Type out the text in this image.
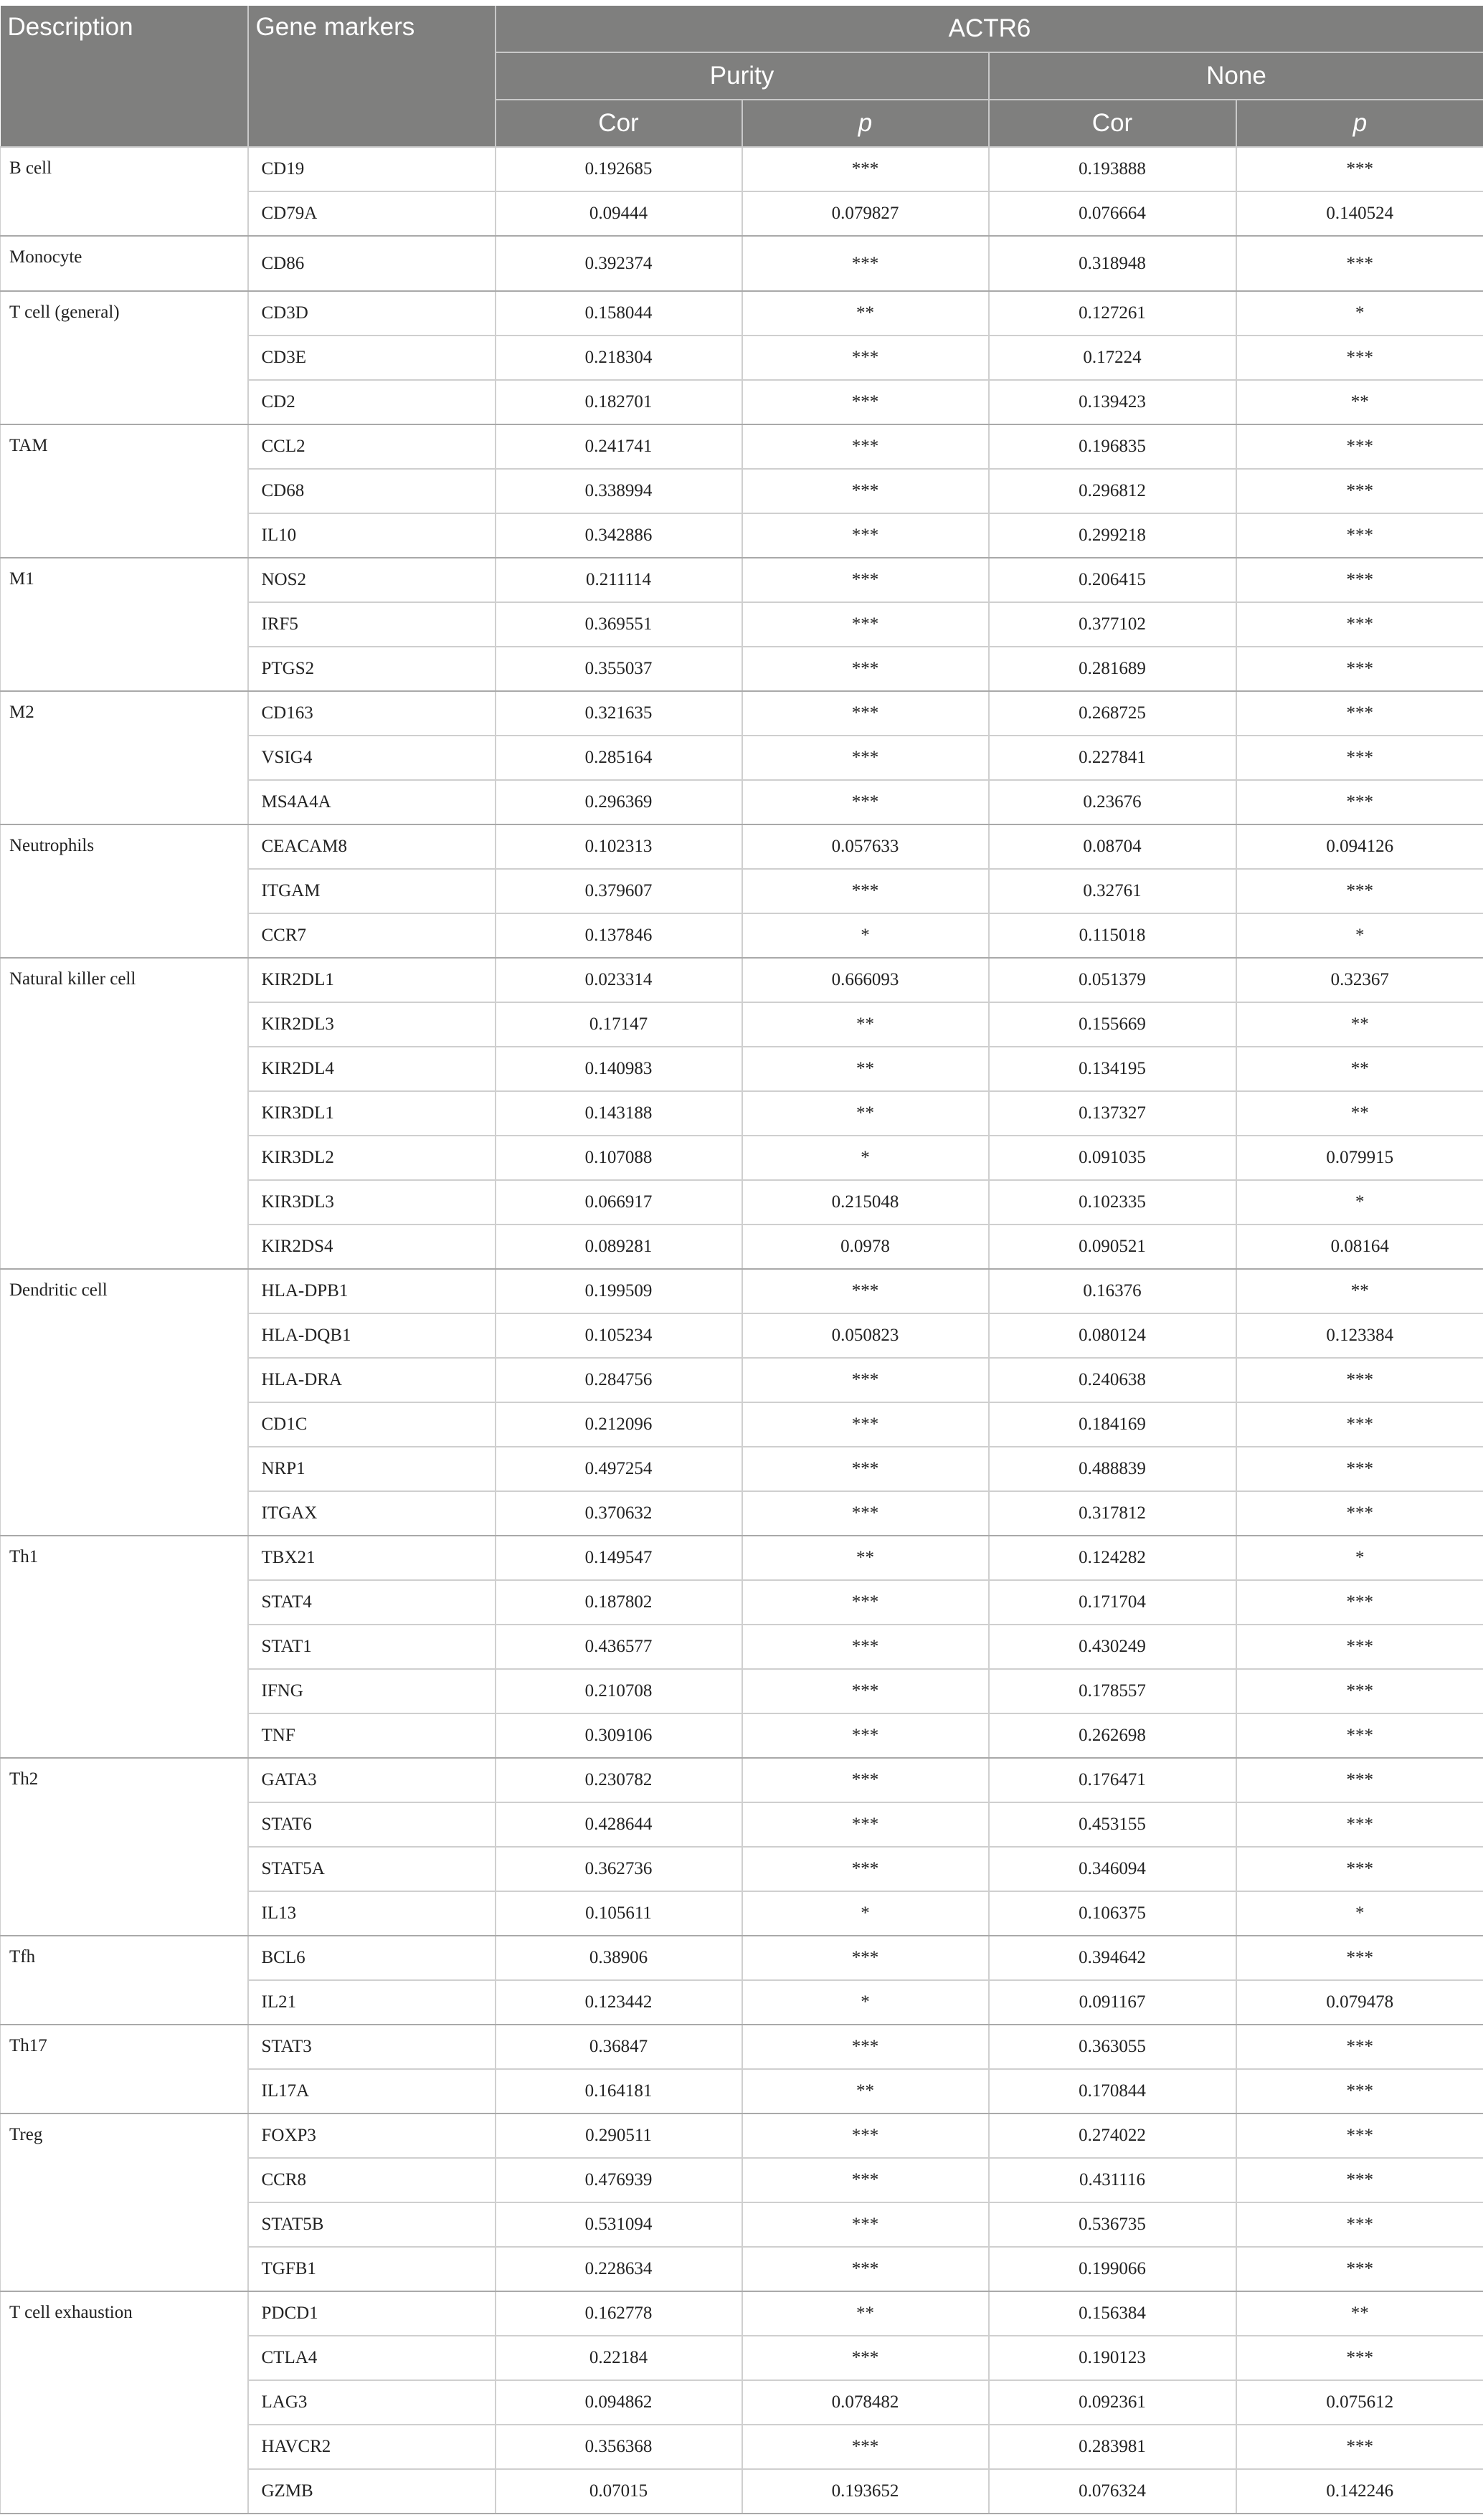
Description	Gene markers	ACTR6			
		Purity		None	
		Cor	p	Cor	p
B cell	CD19	0.192685	***	0.193888	***
	CD79A	0.09444	0.079827	0.076664	0.140524
Monocyte	CD86	0.392374	***	0.318948	***
T cell (general)	CD3D	0.158044	**	0.127261	*
	CD3E	0.218304	***	0.17224	***
	CD2	0.182701	***	0.139423	**
TAM	CCL2	0.241741	***	0.196835	***
	CD68	0.338994	***	0.296812	***
	IL10	0.342886	***	0.299218	***
M1	NOS2	0.211114	***	0.206415	***
	IRF5	0.369551	***	0.377102	***
	PTGS2	0.355037	***	0.281689	***
M2	CD163	0.321635	***	0.268725	***
	VSIG4	0.285164	***	0.227841	***
	MS4A4A	0.296369	***	0.23676	***
Neutrophils	CEACAM8	0.102313	0.057633	0.08704	0.094126
	ITGAM	0.379607	***	0.32761	***
	CCR7	0.137846	*	0.115018	*
Natural killer cell	KIR2DL1	0.023314	0.666093	0.051379	0.32367
	KIR2DL3	0.17147	**	0.155669	**
	KIR2DL4	0.140983	**	0.134195	**
	KIR3DL1	0.143188	**	0.137327	**
	KIR3DL2	0.107088	*	0.091035	0.079915
	KIR3DL3	0.066917	0.215048	0.102335	*
	KIR2DS4	0.089281	0.0978	0.090521	0.08164
Dendritic cell	HLA-DPB1	0.199509	***	0.16376	**
	HLA-DQB1	0.105234	0.050823	0.080124	0.123384
	HLA-DRA	0.284756	***	0.240638	***
	CD1C	0.212096	***	0.184169	***
	NRP1	0.497254	***	0.488839	***
	ITGAX	0.370632	***	0.317812	***
Th1	TBX21	0.149547	**	0.124282	*
	STAT4	0.187802	***	0.171704	***
	STAT1	0.436577	***	0.430249	***
	IFNG	0.210708	***	0.178557	***
	TNF	0.309106	***	0.262698	***
Th2	GATA3	0.230782	***	0.176471	***
	STAT6	0.428644	***	0.453155	***
	STAT5A	0.362736	***	0.346094	***
	IL13	0.105611	*	0.106375	*
Tfh	BCL6	0.38906	***	0.394642	***
	IL21	0.123442	*	0.091167	0.079478
Th17	STAT3	0.36847	***	0.363055	***
	IL17A	0.164181	**	0.170844	***
Treg	FOXP3	0.290511	***	0.274022	***
	CCR8	0.476939	***	0.431116	***
	STAT5B	0.531094	***	0.536735	***
	TGFB1	0.228634	***	0.199066	***
T cell exhaustion	PDCD1	0.162778	**	0.156384	**
	CTLA4	0.22184	***	0.190123	***
	LAG3	0.094862	0.078482	0.092361	0.075612
	HAVCR2	0.356368	***	0.283981	***
	GZMB	0.07015	0.193652	0.076324	0.142246
